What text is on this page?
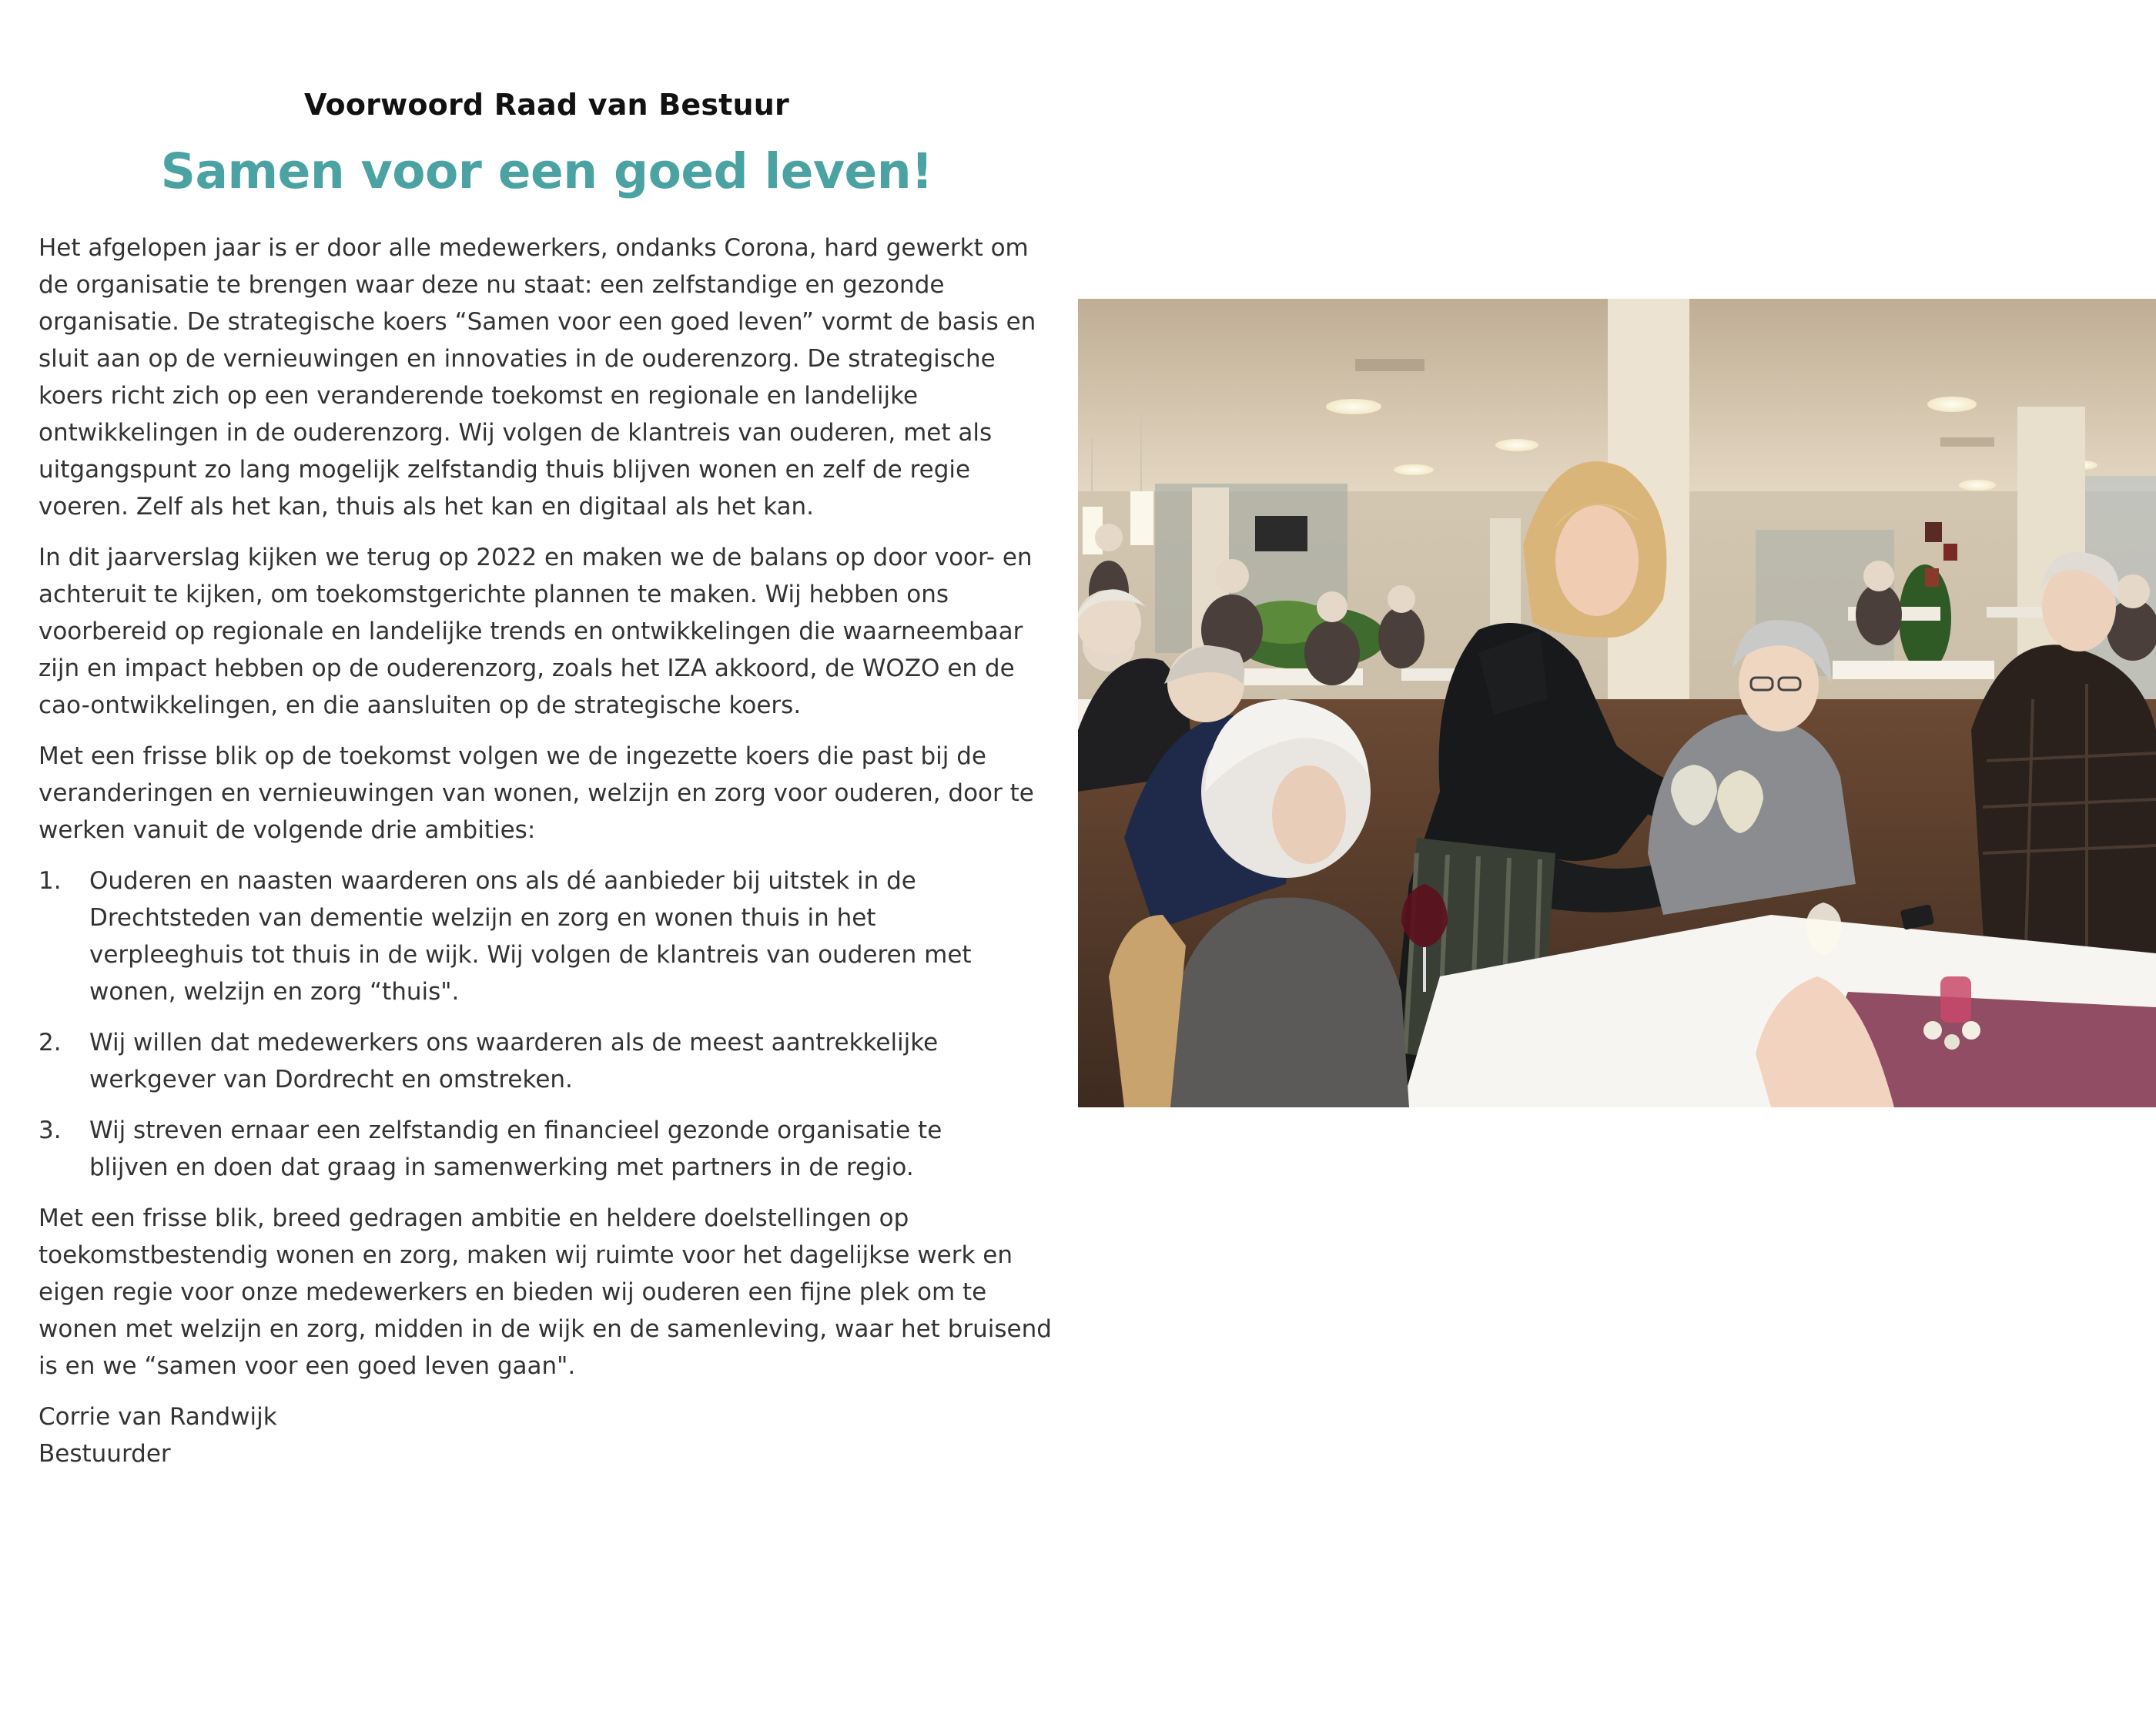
Voorwoord Raad van Bestuur
Samen voor een goed leven!

Het afgelopen jaar is er door alle medewerkers, ondanks Corona, hard gewerkt om de organisatie te brengen waar deze nu staat: een zelfstandige en gezonde organisatie. De strategische koers “Samen voor een goed leven” vormt de basis en sluit aan op de vernieuwingen en innovaties in de ouderenzorg. De strategische koers richt zich op een veranderende toekomst en regionale en landelijke ontwikkelingen in de ouderenzorg. Wij volgen de klantreis van ouderen, met als uitgangspunt zo lang mogelijk zelfstandig thuis blijven wonen en zelf de regie voeren. Zelf als het kan, thuis als het kan en digitaal als het kan.

In dit jaarverslag kijken we terug op 2022 en maken we de balans op door voor- en achteruit te kijken, om toekomstgerichte plannen te maken. Wij hebben ons voorbereid op regionale en landelijke trends en ontwikkelingen die waarneembaar zijn en impact hebben op de ouderenzorg, zoals het IZA akkoord, de WOZO en de cao-ontwikkelingen, en die aansluiten op de strategische koers.

Met een frisse blik op de toekomst volgen we de ingezette koers die past bij de veranderingen en vernieuwingen van wonen, welzijn en zorg voor ouderen, door te werken vanuit de volgende drie ambities:

1.	Ouderen en naasten waarderen ons als dé aanbieder bij uitstek in de Drechtsteden van dementie welzijn en zorg en wonen thuis in het verpleeghuis tot thuis in de wijk. Wij volgen de klantreis van ouderen met wonen, welzijn en zorg “thuis".
2.	Wij willen dat medewerkers ons waarderen als de meest aantrekkelijke werkgever van Dordrecht en omstreken.
3.	Wij streven ernaar een zelfstandig en financieel gezonde organisatie te blijven en doen dat graag in samenwerking met partners in de regio.

Met een frisse blik, breed gedragen ambitie en heldere doelstellingen op toekomstbestendig wonen en zorg, maken wij ruimte voor het dagelijkse werk en eigen regie voor onze medewerkers en bieden wij ouderen een fijne plek om te wonen met welzijn en zorg, midden in de wijk en de samenleving, waar het bruisend is en we “samen voor een goed leven gaan".

Corrie van Randwijk
Bestuurder
